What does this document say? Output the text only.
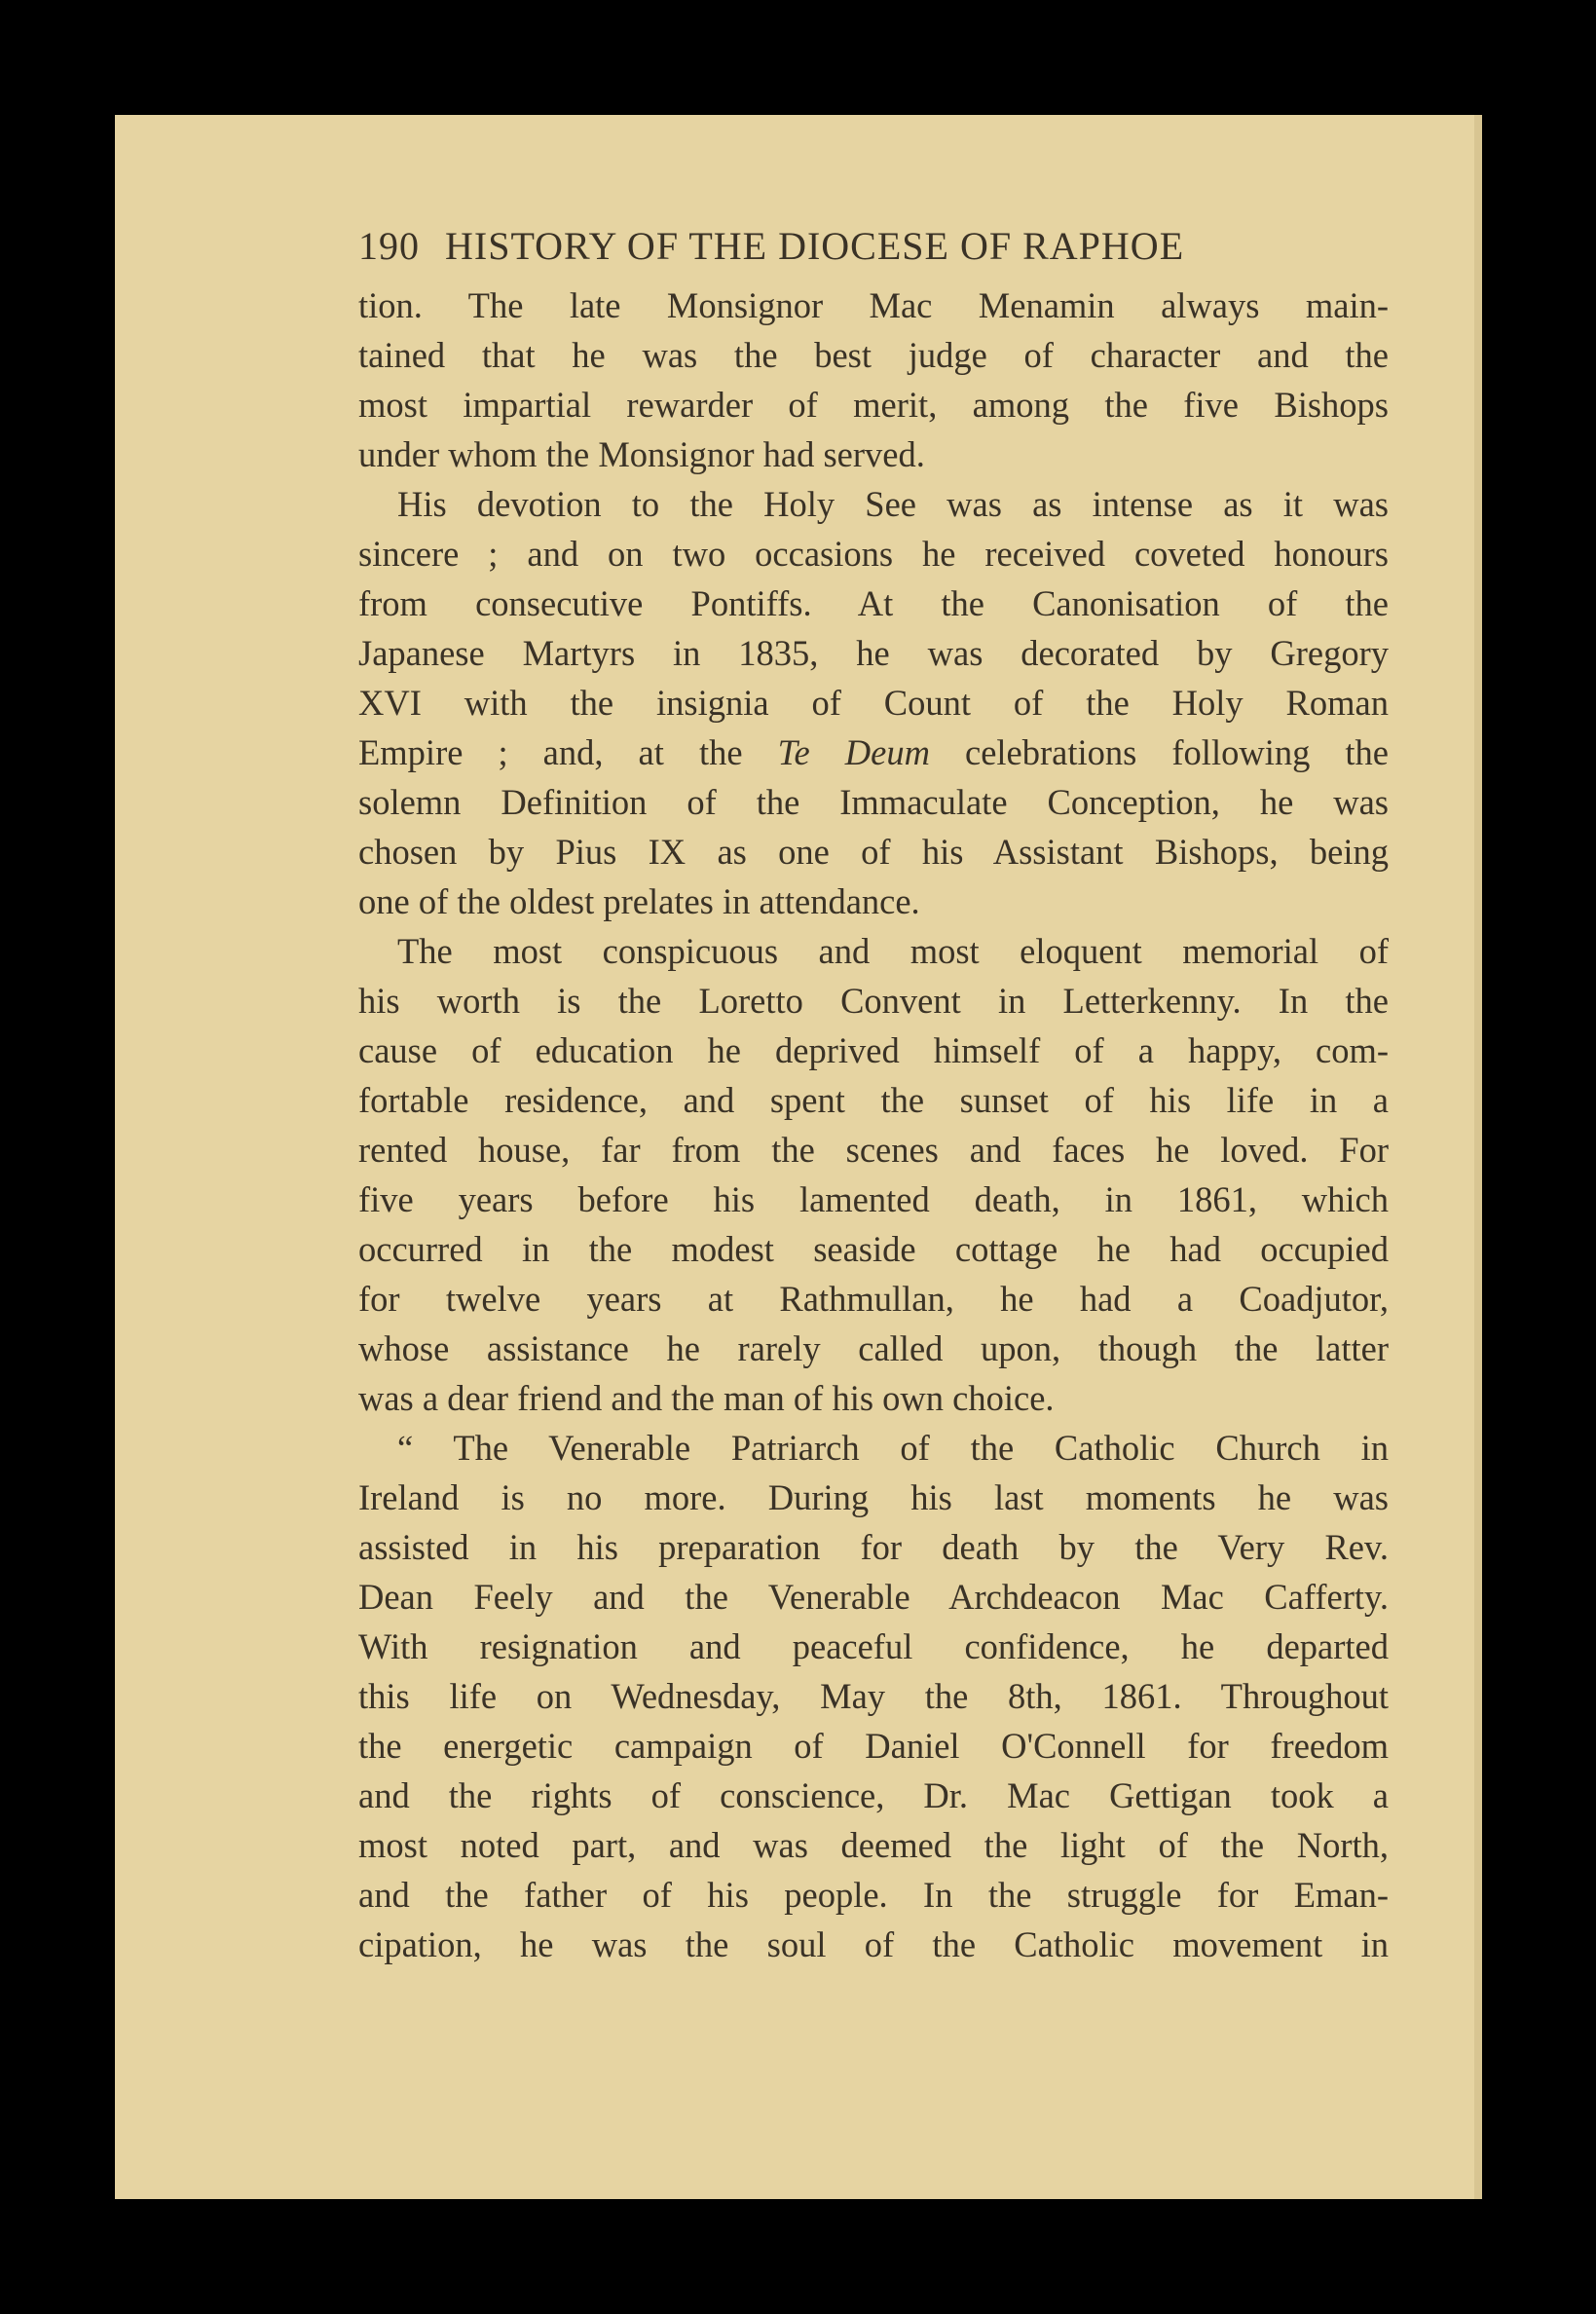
190 HISTORY OF THE DIOCESE OF RAPHOE

tion. The late Monsignor Mac Menamin always main-
tained that he was the best judge of character and the
most impartial rewarder of merit, among the five Bishops
under whom the Monsignor had served.

His devotion to the Holy See was as intense as it was
sincere ; and on two occasions he received coveted honours
from consecutive Pontiffs. At the Canonisation of the
Japanese Martyrs in 1835, he was decorated by Gregory
XVI with the insignia of Count of the Holy Roman
Empire ; and, at the Te Deum celebrations following the
solemn Definition of the Immaculate Conception, he was
chosen by Pius IX as one of his Assistant Bishops, being
one of the oldest prelates in attendance.

The most conspicuous and most eloquent memorial of
his worth is the Loretto Convent in Letterkenny. In the
cause of education he deprived himself of a happy, com-
fortable residence, and spent the sunset of his life in a
rented house, far from the scenes and faces he loved. For
five years before his lamented death, in 1861, which
occurred in the modest seaside cottage he had occupied
for twelve years at Rathmullan, he had a Coadjutor,
whose assistance he rarely called upon, though the latter
was a dear friend and the man of his own choice.

“ The Venerable Patriarch of the Catholic Church in
Ireland is no more. During his last moments he was
assisted in his preparation for death by the Very Rev.
Dean Feely and the Venerable Archdeacon Mac Cafferty.
With resignation and peaceful confidence, he departed
this life on Wednesday, May the 8th, 1861. Throughout
the energetic campaign of Daniel O'Connell for freedom
and the rights of conscience, Dr. Mac Gettigan took a
most noted part, and was deemed the light of the North,
and the father of his people. In the struggle for Eman-
cipation, he was the soul of the Catholic movement in
